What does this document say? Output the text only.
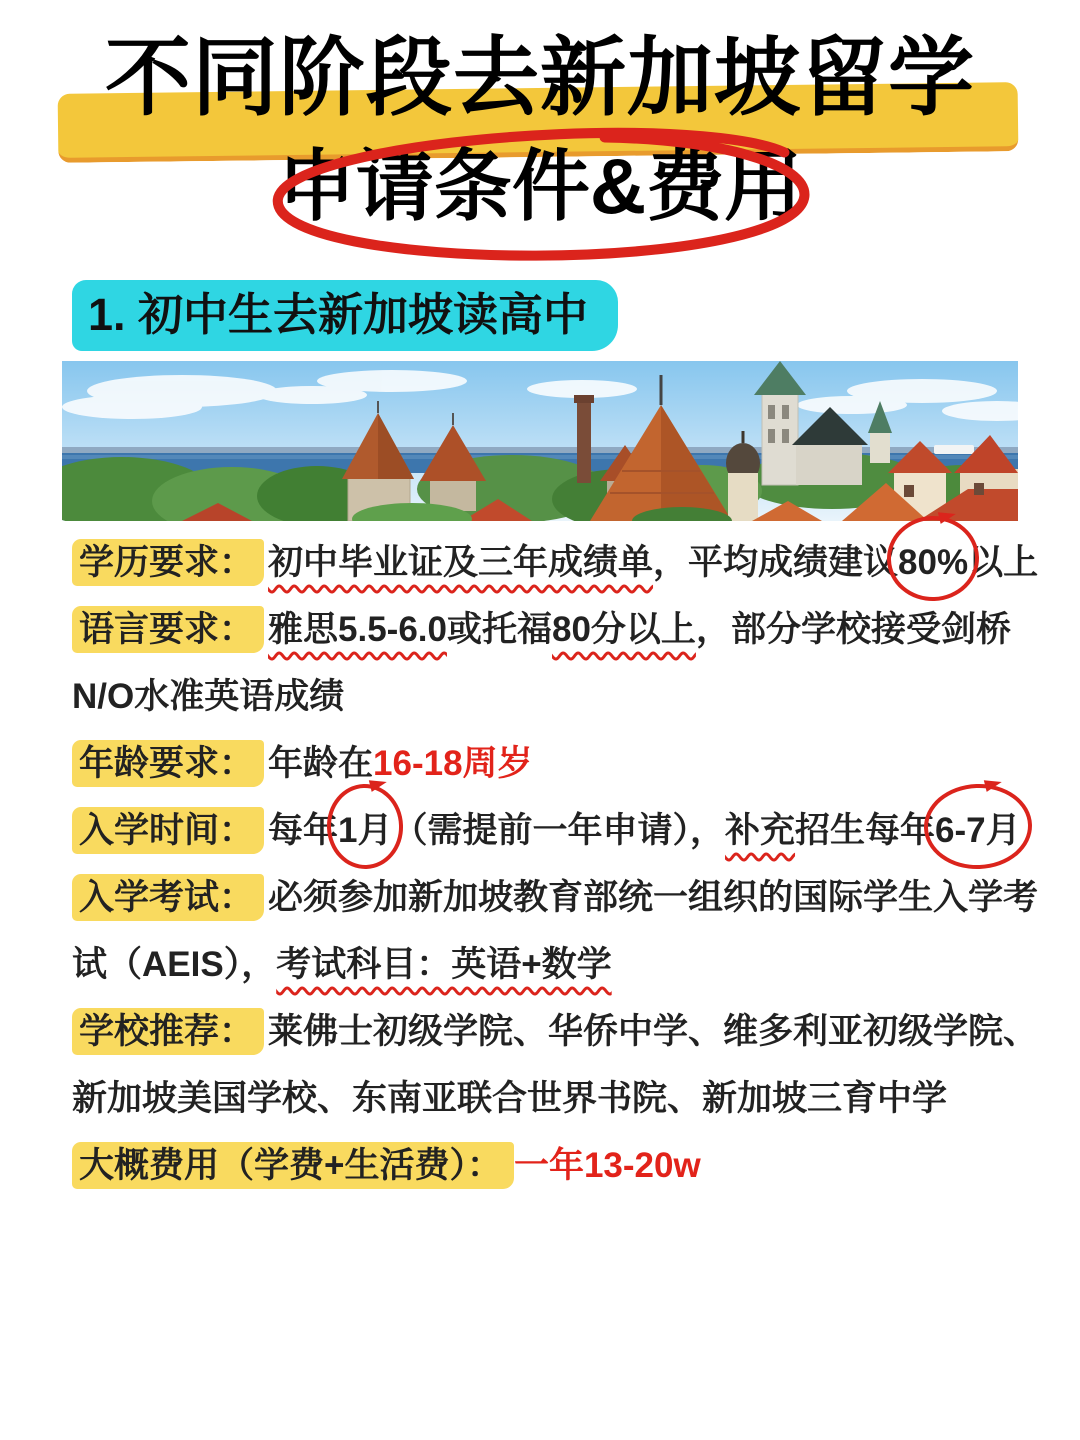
不同阶段去新加坡留学
申请条件&费用
1. 初中生去新加坡读高中

学历要求： 初中毕业证及三年成绩单，平均成绩建议80%以上

语言要求： 雅思5.5-6.0或托福80分以上，部分学校接受剑桥

N/O水准英语成绩

年龄要求： 年龄在16-18周岁

入学时间： 每年1月（需提前一年申请），补充招生每年6-7月

入学考试： 必须参加新加坡教育部统一组织的国际学生入学考

试（AEIS），考试科目：英语+数学

学校推荐： 莱佛士初级学院、华侨中学、维多利亚初级学院、

新加坡美国学校、东南亚联合世界书院、新加坡三育中学

大概费用（学费+生活费）： 一年13-20w
